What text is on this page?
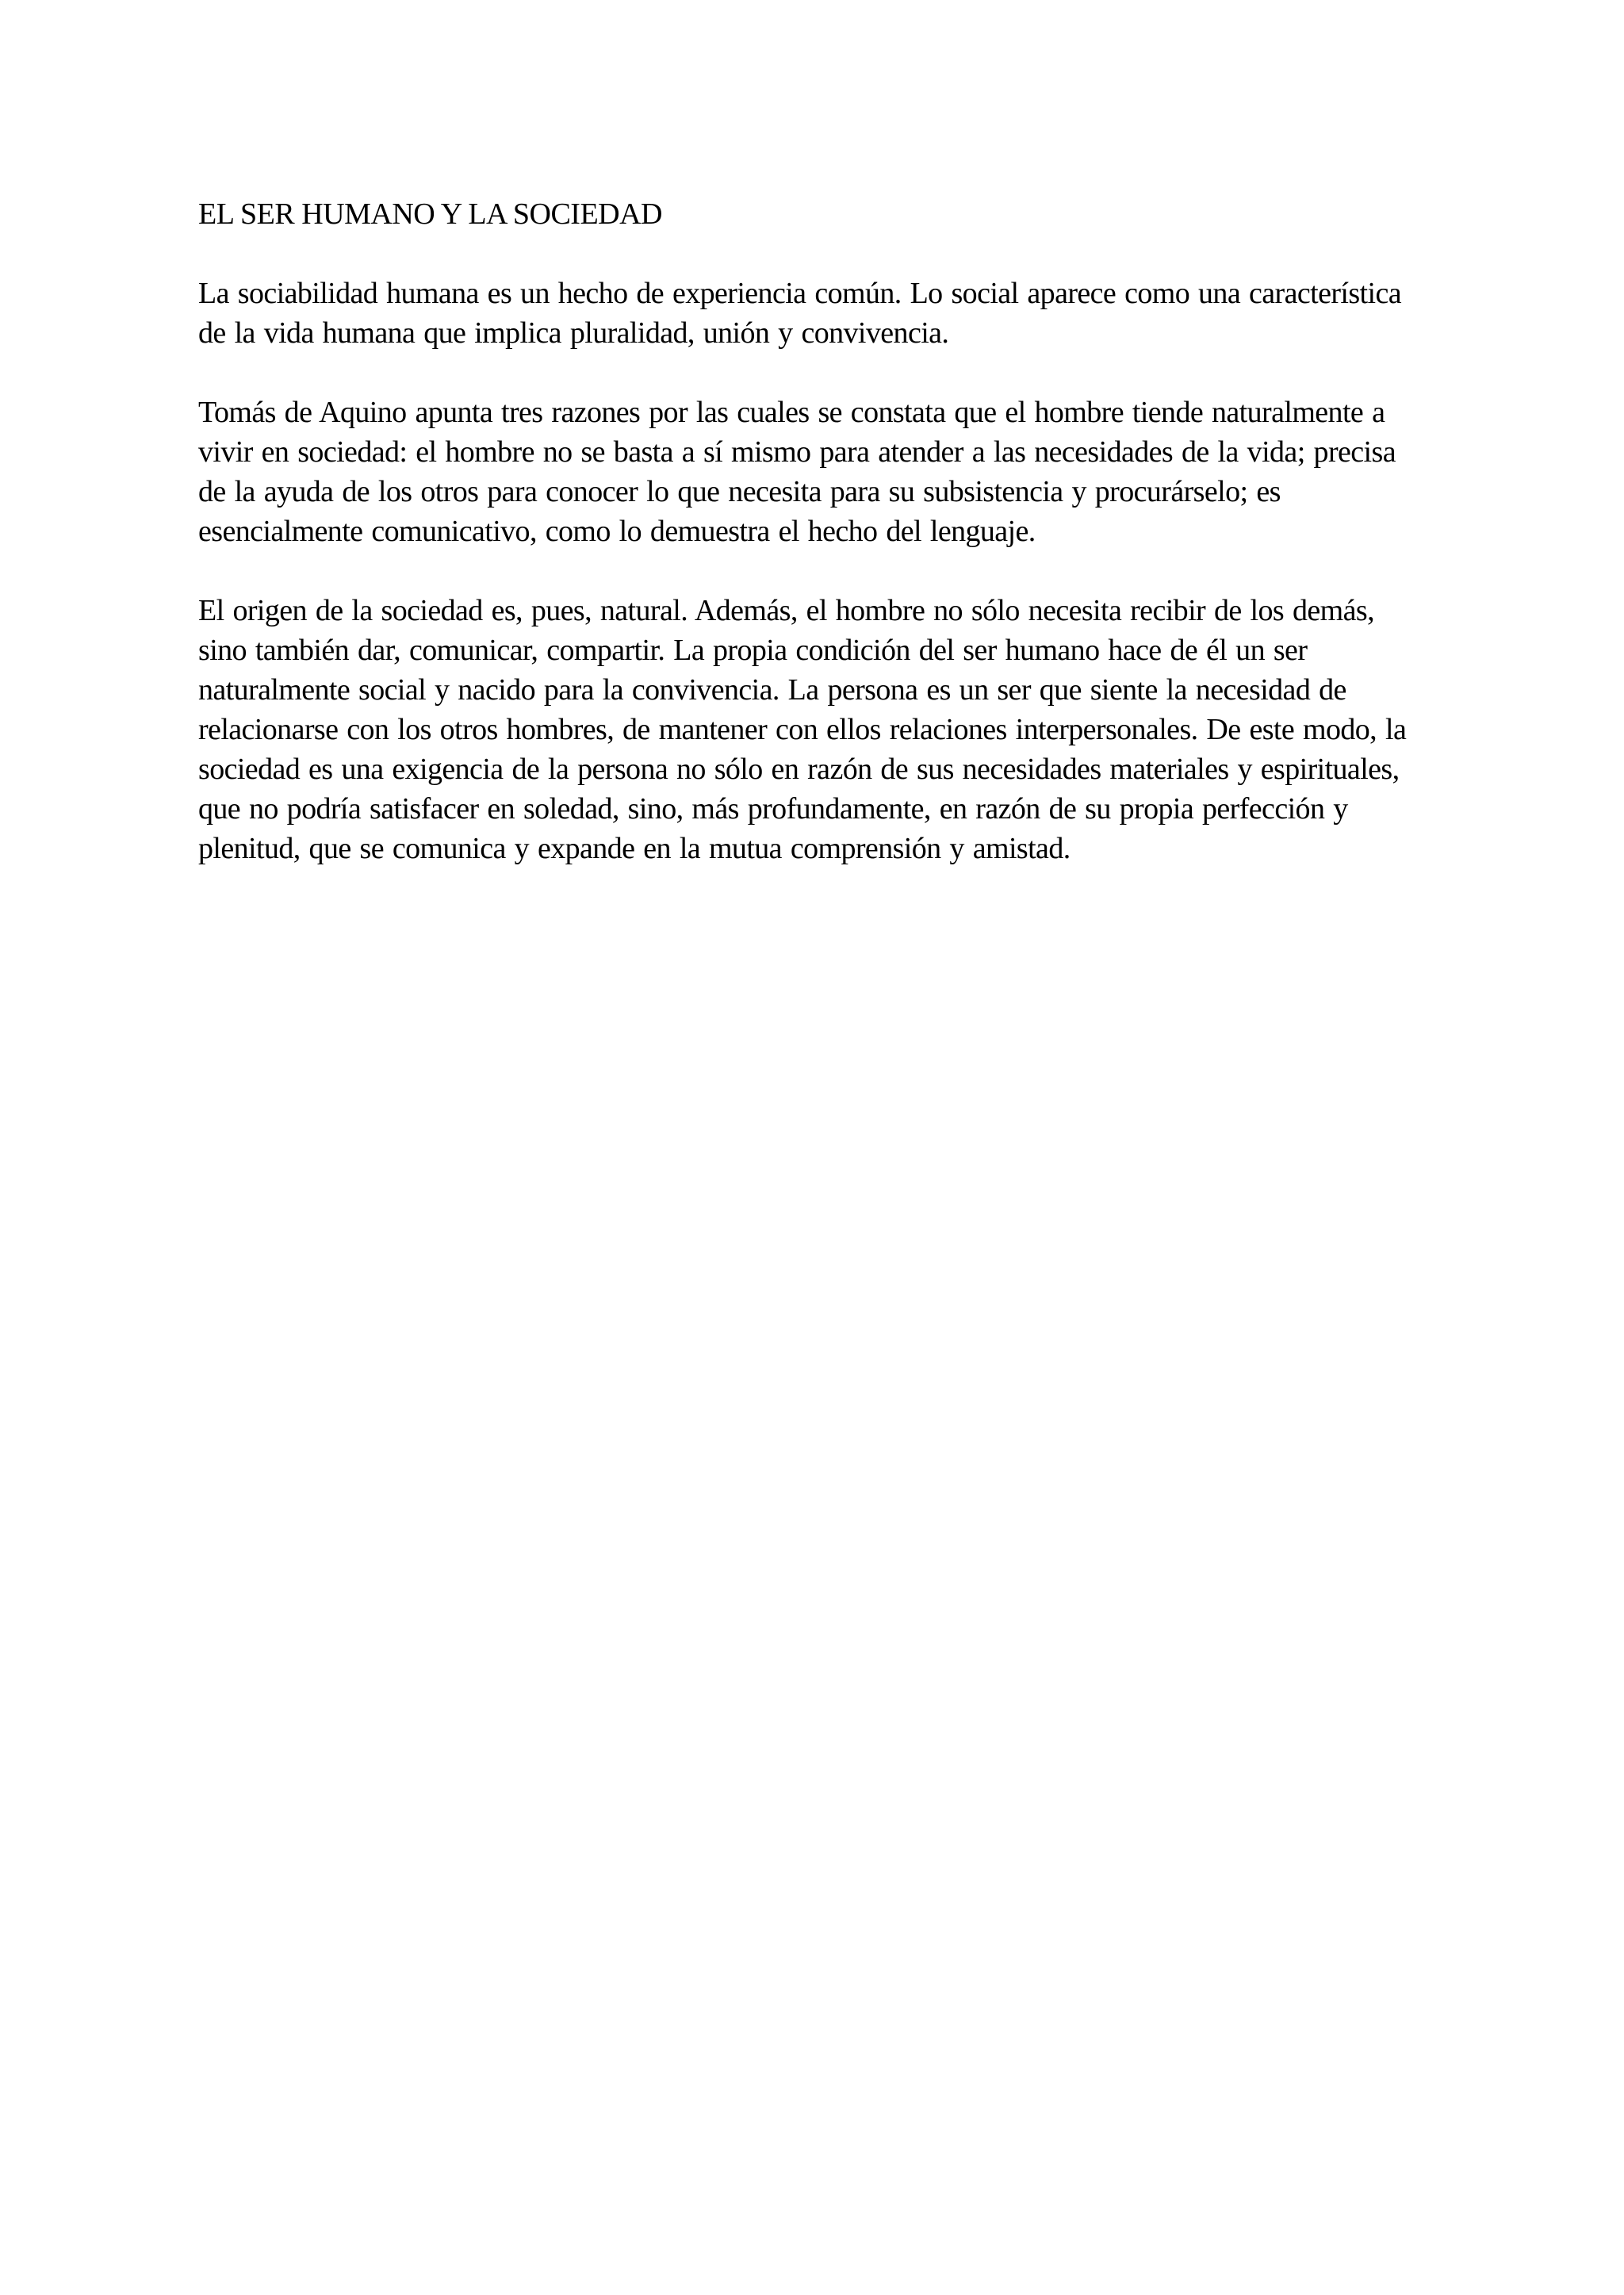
EL SER HUMANO Y LA SOCIEDAD

La sociabilidad humana es un hecho de experiencia común. Lo social aparece como una característica
de la vida humana que implica pluralidad, unión y convivencia.

Tomás de Aquino apunta tres razones por las cuales se constata que el hombre tiende naturalmente a
vivir en sociedad: el hombre no se basta a sí mismo para atender a las necesidades de la vida; precisa
de la ayuda de los otros para conocer lo que necesita para su subsistencia y procurárselo; es
esencialmente comunicativo, como lo demuestra el hecho del lenguaje.

El origen de la sociedad es, pues, natural. Además, el hombre no sólo necesita recibir de los demás,
sino también dar, comunicar, compartir. La propia condición del ser humano hace de él un ser
naturalmente social y nacido para la convivencia. La persona es un ser que siente la necesidad de
relacionarse con los otros hombres, de mantener con ellos relaciones interpersonales. De este modo, la
sociedad es una exigencia de la persona no sólo en razón de sus necesidades materiales y espirituales,
que no podría satisfacer en soledad, sino, más profundamente, en razón de su propia perfección y
plenitud, que se comunica y expande en la mutua comprensión y amistad.
